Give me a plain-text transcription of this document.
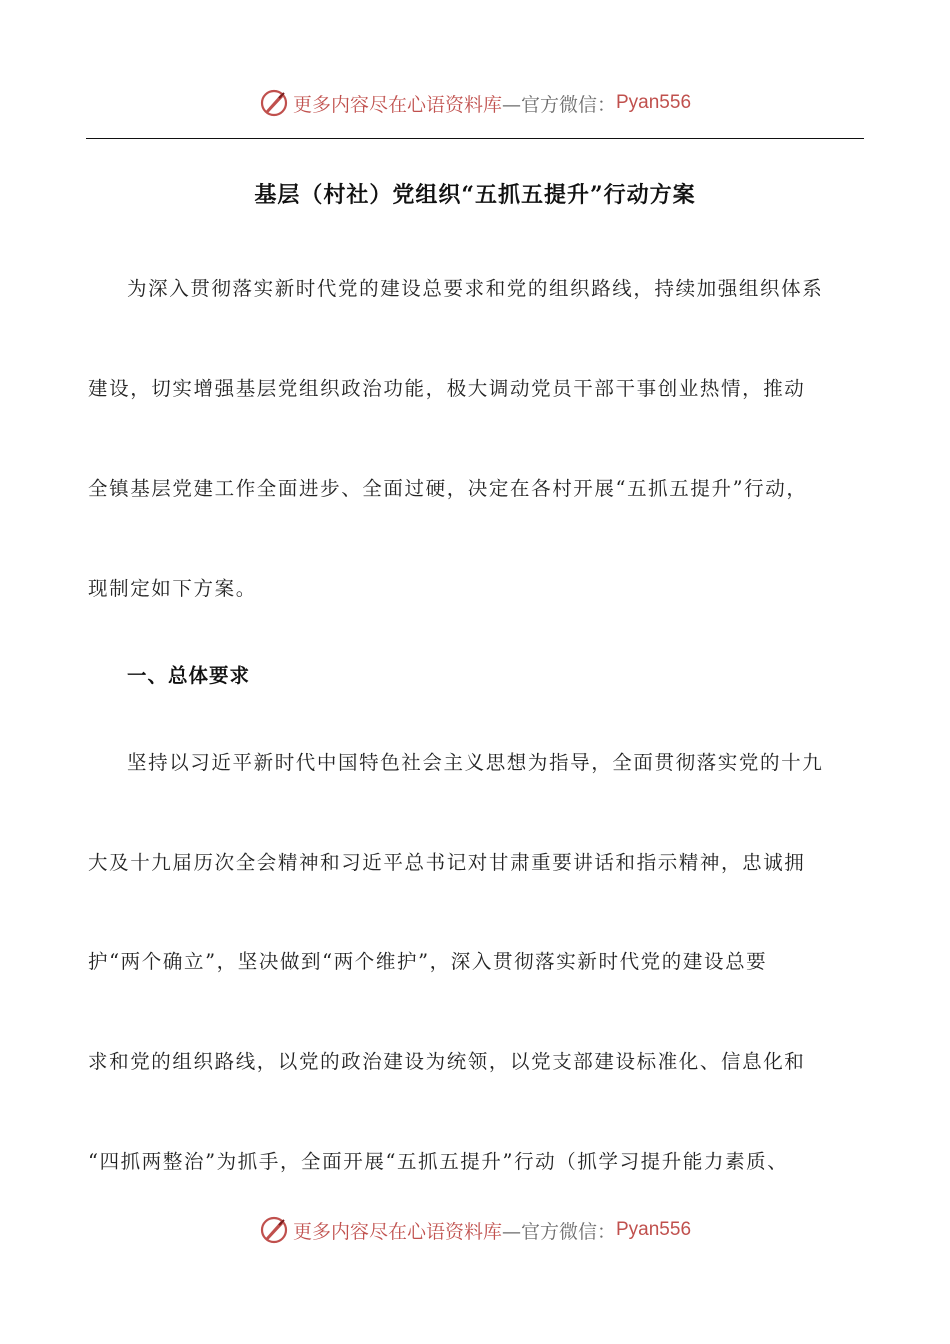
更多内容尽在心语资料库 —官方微信： Pyan556
基层（村社）党组织“五抓五提升”行动方案
为深入贯彻落实新时代党的建设总要求和党的组织路线，持续加强组织体系
建设，切实增强基层党组织政治功能，极大调动党员干部干事创业热情，推动
全镇基层党建工作全面进步、全面过硬，决定在各村开展“五抓五提升”行动，
现制定如下方案。
一、总体要求
坚持以习近平新时代中国特色社会主义思想为指导，全面贯彻落实党的十九
大及十九届历次全会精神和习近平总书记对甘肃重要讲话和指示精神，忠诚拥
护“两个确立”，坚决做到“两个维护”，深入贯彻落实新时代党的建设总要
求和党的组织路线，以党的政治建设为统领，以党支部建设标准化、信息化和
“四抓两整治”为抓手，全面开展“五抓五提升”行动（抓学习提升能力素质、
更多内容尽在心语资料库 —官方微信： Pyan556
